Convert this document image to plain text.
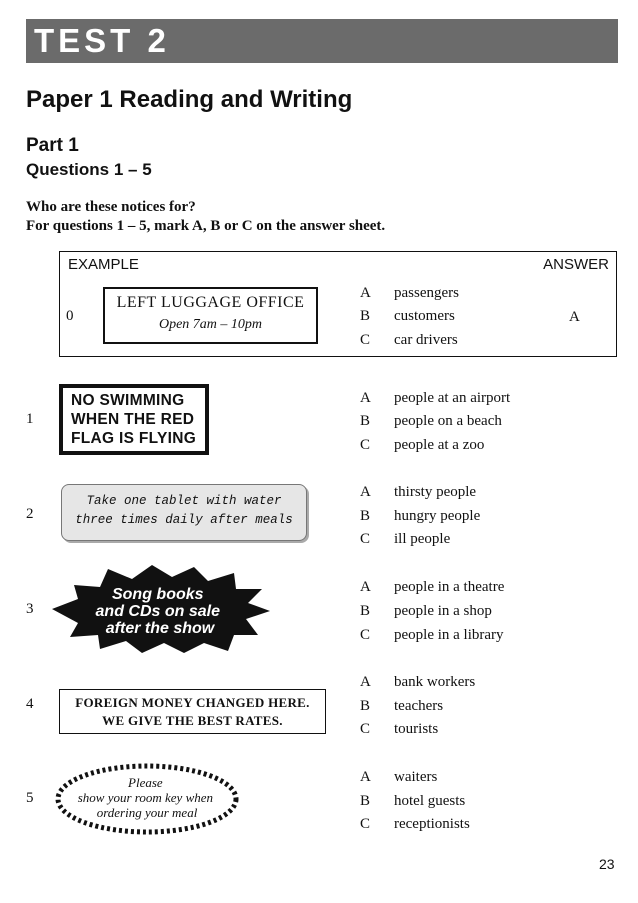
TEST 2
Paper 1 Reading and Writing
Part 1
Questions 1 – 5

Who are these notices for?

For questions 1 – 5, mark A, B or C on the answer sheet.

EXAMPLE	ANSWER
0
LEFT LUGGAGE OFFICE
Open 7am – 10pm
A passengers
B customers
C car drivers
A
1
NO SWIMMING
WHEN THE RED
FLAG IS FLYING
A people at an airport
B people on a beach
C people at a zoo
2
Take one tablet with water
three times daily after meals
A thirsty people
B hungry people
C ill people
3
Song books and CDs on sale after the show
A people in a theatre
B people in a shop
C people in a library
4	FOREIGN MONEY CHANGED HERE.
WE GIVE THE BEST RATES.
A bank workers
B teachers
C tourists
5
Please show your room key when ordering your meal
A waiters
B hotel guests
C receptionists
23
